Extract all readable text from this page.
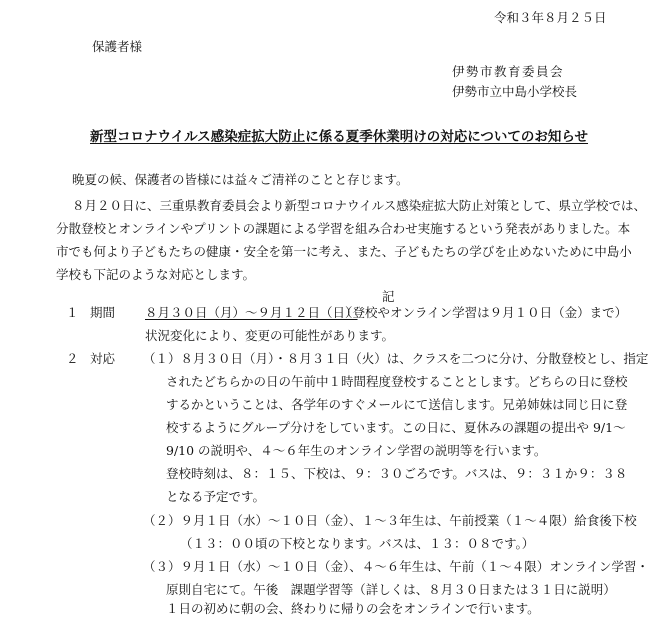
令和３年８月２５日
保護者様
伊勢市教育委員会
伊勢市立中島小学校長
新型コロナウイルス感染症拡大防止に係る夏季休業明けの対応についてのお知らせ
晩夏の候、保護者の皆様には益々ご清祥のことと存じます。
８月２０日に、三重県教育委員会より新型コロナウイルス感染症拡大防止対策として、県立学校では、
分散登校とオンラインやプリントの課題による学習を組み合わせ実施するという発表がありました。本
市でも何より子どもたちの健康・安全を第一に考え、また、子どもたちの学びを止めないために中島小
学校も下記のような対応とします。
記
１ 期間 ８月３０日（月）～９月１２日（日）
（登校やオンライン学習は９月１０日（金）まで）
状況変化により、変更の可能性があります。
２ 対応 （１）８月３０日（月）・８月３１日（火）は、クラスを二つに分け、分散登校とし、指定
されたどちらかの日の午前中１時間程度登校することとします。どちらの日に登校
するかということは、各学年のすぐメールにて送信します。兄弟姉妹は同じ日に登
校するようにグループ分けをしています。この日に、夏休みの課題の提出や 9/1～
9/10 の説明や、４～６年生のオンライン学習の説明等を行います。
登校時刻は、８：１５、下校は、９：３０ごろです。バスは、９：３１か９：３８
となる予定です。
（２）９月１日（水）～１０日（金）、１～３年生は、午前授業（１～４限）給食後下校
（１３：００頃の下校となります。バスは、１３：０８です。）
（３）９月１日（水）～１０日（金）、４～６年生は、午前（１～４限）オンライン学習・
原則自宅にて。午後　課題学習等（詳しくは、８月３０日または３１日に説明）
１日の初めに朝の会、終わりに帰りの会をオンラインで行います。
